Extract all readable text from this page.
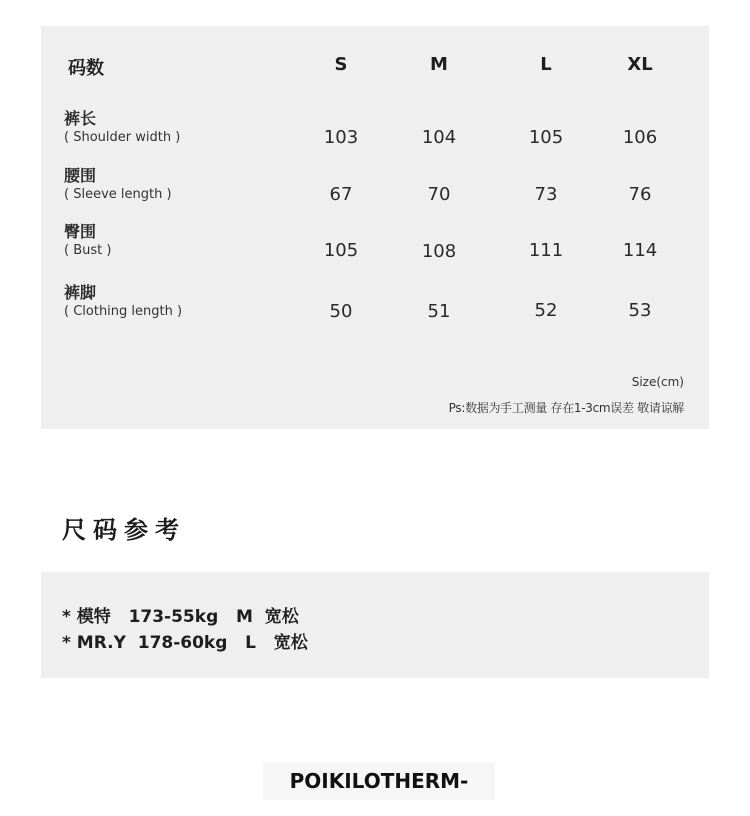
码数	S	M	L	XL
裤长
( Shoulder width )	103	104	105	106
腰围
( Sleeve length )	67	70	73	76
臀围
( Bust )	105	108	111	114
裤脚
( Clothing length )	50	51	52	53
Size(cm)
Ps:数据为手工测量 存在1-3cm误差 敬请谅解
尺码参考
* 模特   173-55kg   M  宽松
* MR.Y  178-60kg   L   宽松
POIKILOTHERM-
